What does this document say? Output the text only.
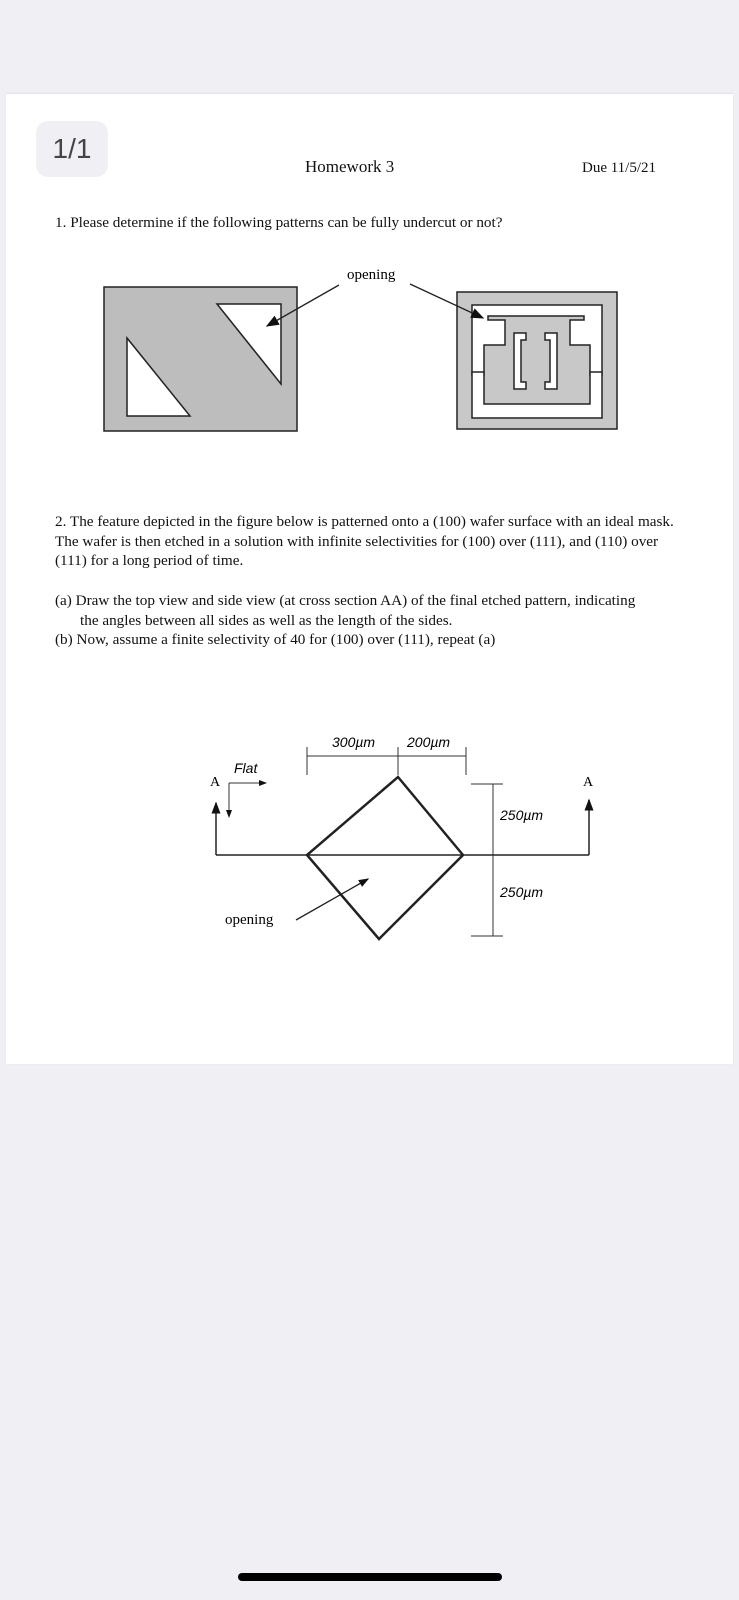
1/1
Homework 3	Due 11/5/21
1. Please determine if the following patterns can be fully undercut or not?
opening
2. The feature depicted in the figure below is patterned onto a (100) wafer surface with an ideal mask. The wafer is then etched in a solution with infinite selectivities for (100) over (111), and (110) over (111) for a long period of time.
(a) Draw the top view and side view (at cross section AA) of the final etched pattern, indicating
the angles between all sides as well as the length of the sides.
(b) Now, assume a finite selectivity of 40 for (100) over (111), repeat (a)
300µm 200µm
A	A
Flat
250µm
250µm
opening
